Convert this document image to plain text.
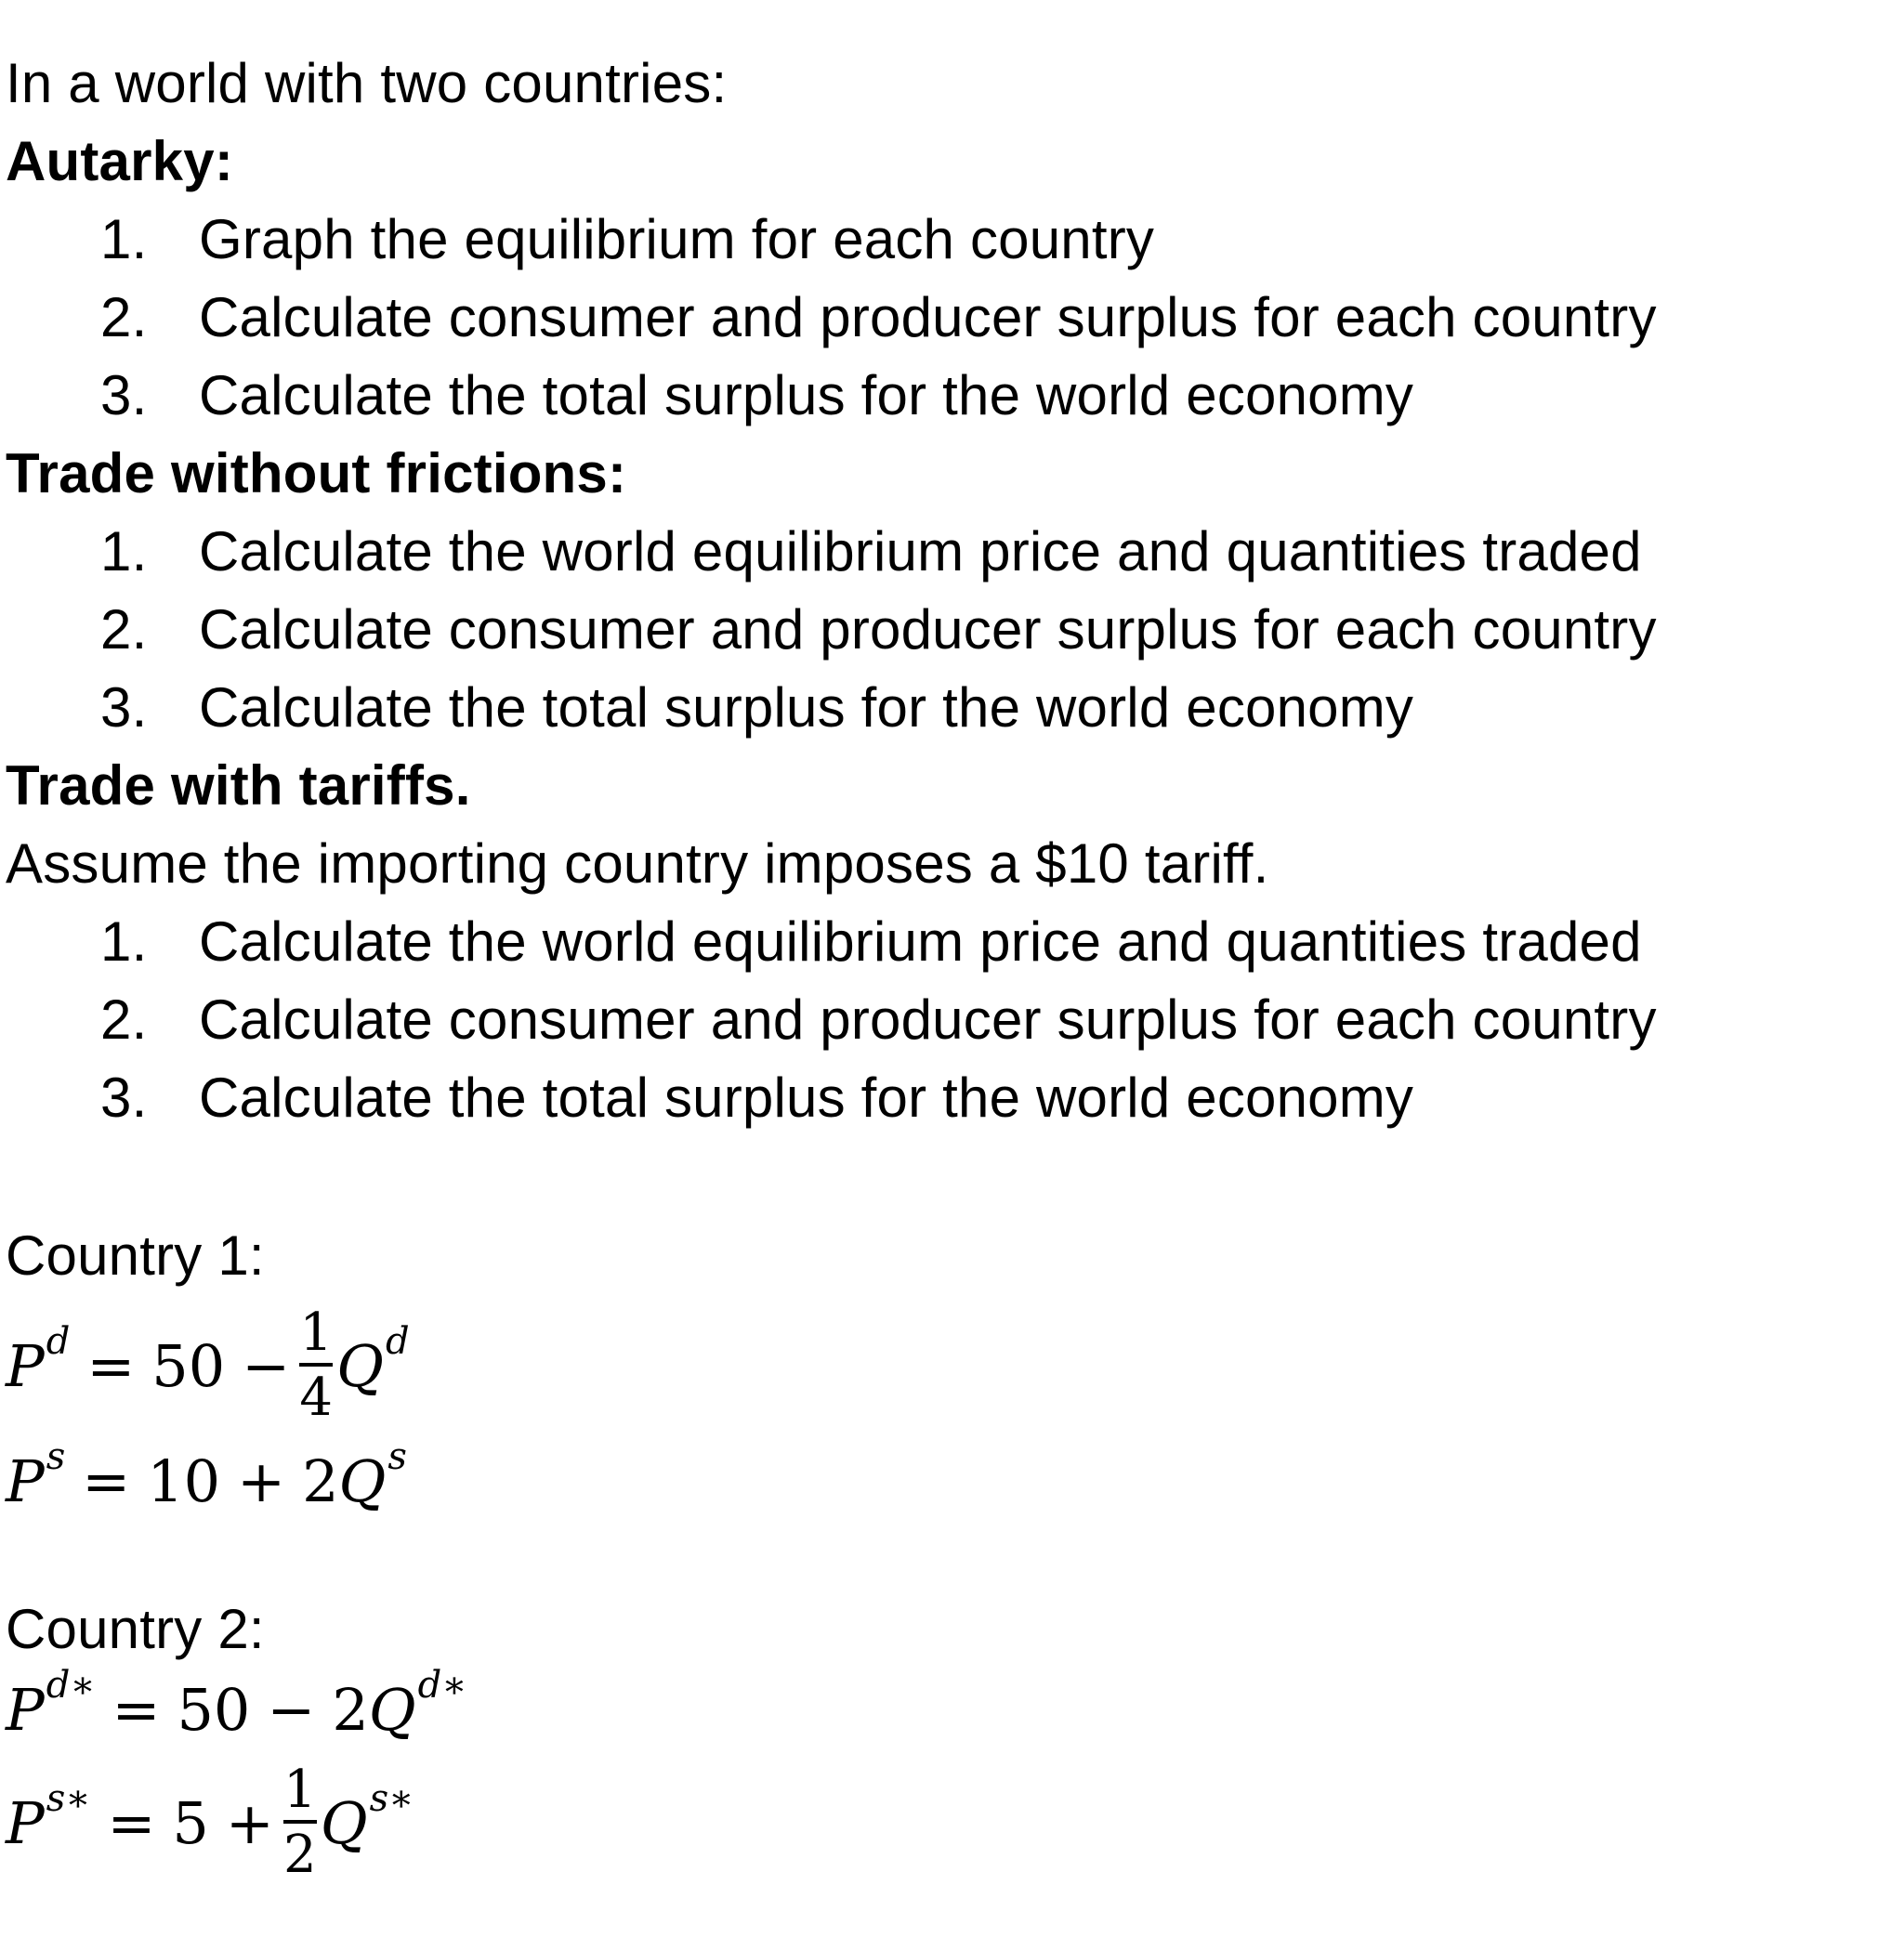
In a world with two countries:
Autarky:
1. Graph the equilibrium for each country
2. Calculate consumer and producer surplus for each country
3. Calculate the total surplus for the world economy
Trade without frictions:
1. Calculate the world equilibrium price and quantities traded
2. Calculate consumer and producer surplus for each country
3. Calculate the total surplus for the world economy
Trade with tariffs.
Assume the importing country imposes a $10 tariff.
1. Calculate the world equilibrium price and quantities traded
2. Calculate consumer and producer surplus for each country
3. Calculate the total surplus for the world economy
Country 1:
P $d = 50 - \frac{1}{4}$ Q d
P s = 10 + 2 Q s
Country 2:
P d∗ = 50 − 2 Q d∗
P s∗ = $5 + \frac{1}{2}$ Q s∗
